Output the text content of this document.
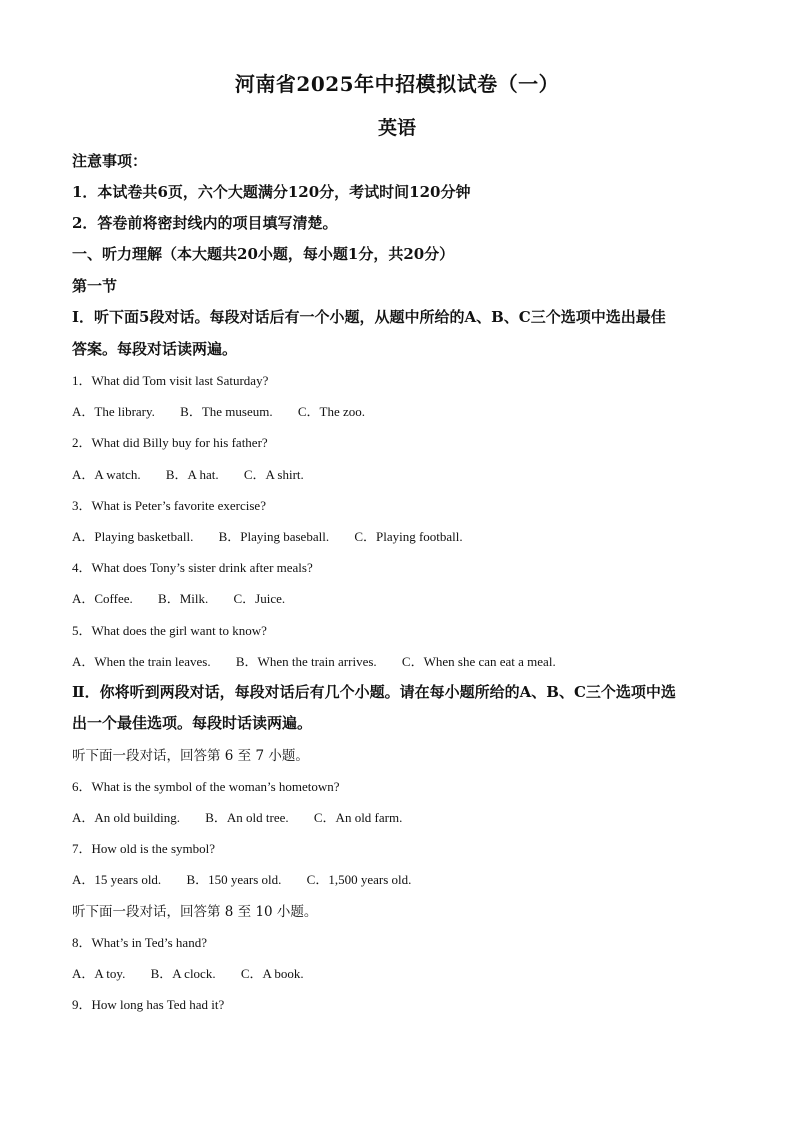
河南省2025年中招模拟试卷（一）
英语
注意事项：
1．本试卷共6页，六个大题满分120分，考试时间120分钟
2．答卷前将密封线内的项目填写清楚。
一、听力理解（本大题共20小题，每小题1分，共20分）
第一节
Ⅰ．听下面5段对话。每段对话后有一个小题，从题中所给的A、B、C三个选项中选出最佳
答案。每段对话读两遍。
1．What did Tom visit last Saturday?
A．The library. B．The museum. C．The zoo.
2．What did Billy buy for his father?
A．A watch. B．A hat. C．A shirt.
3．What is Peter’s favorite exercise?
A．Playing basketball. B．Playing baseball. C．Playing football.
4．What does Tony’s sister drink after meals?
A．Coffee. B．Milk. C．Juice.
5．What does the girl want to know?
A．When the train leaves. B．When the train arrives. C．When she can eat a meal.
Ⅱ．你将听到两段对话，每段对话后有几个小题。请在每小题所给的A、B、C三个选项中选
出一个最佳选项。每段时话读两遍。
听下面一段对话，回答第 6 至 7 小题。
6．What is the symbol of the woman’s hometown?
A．An old building. B．An old tree. C．An old farm.
7．How old is the symbol?
A．15 years old. B．150 years old. C．1,500 years old.
听下面一段对话，回答第 8 至 10 小题。
8．What’s in Ted’s hand?
A．A toy. B．A clock. C．A book.
9．How long has Ted had it?
